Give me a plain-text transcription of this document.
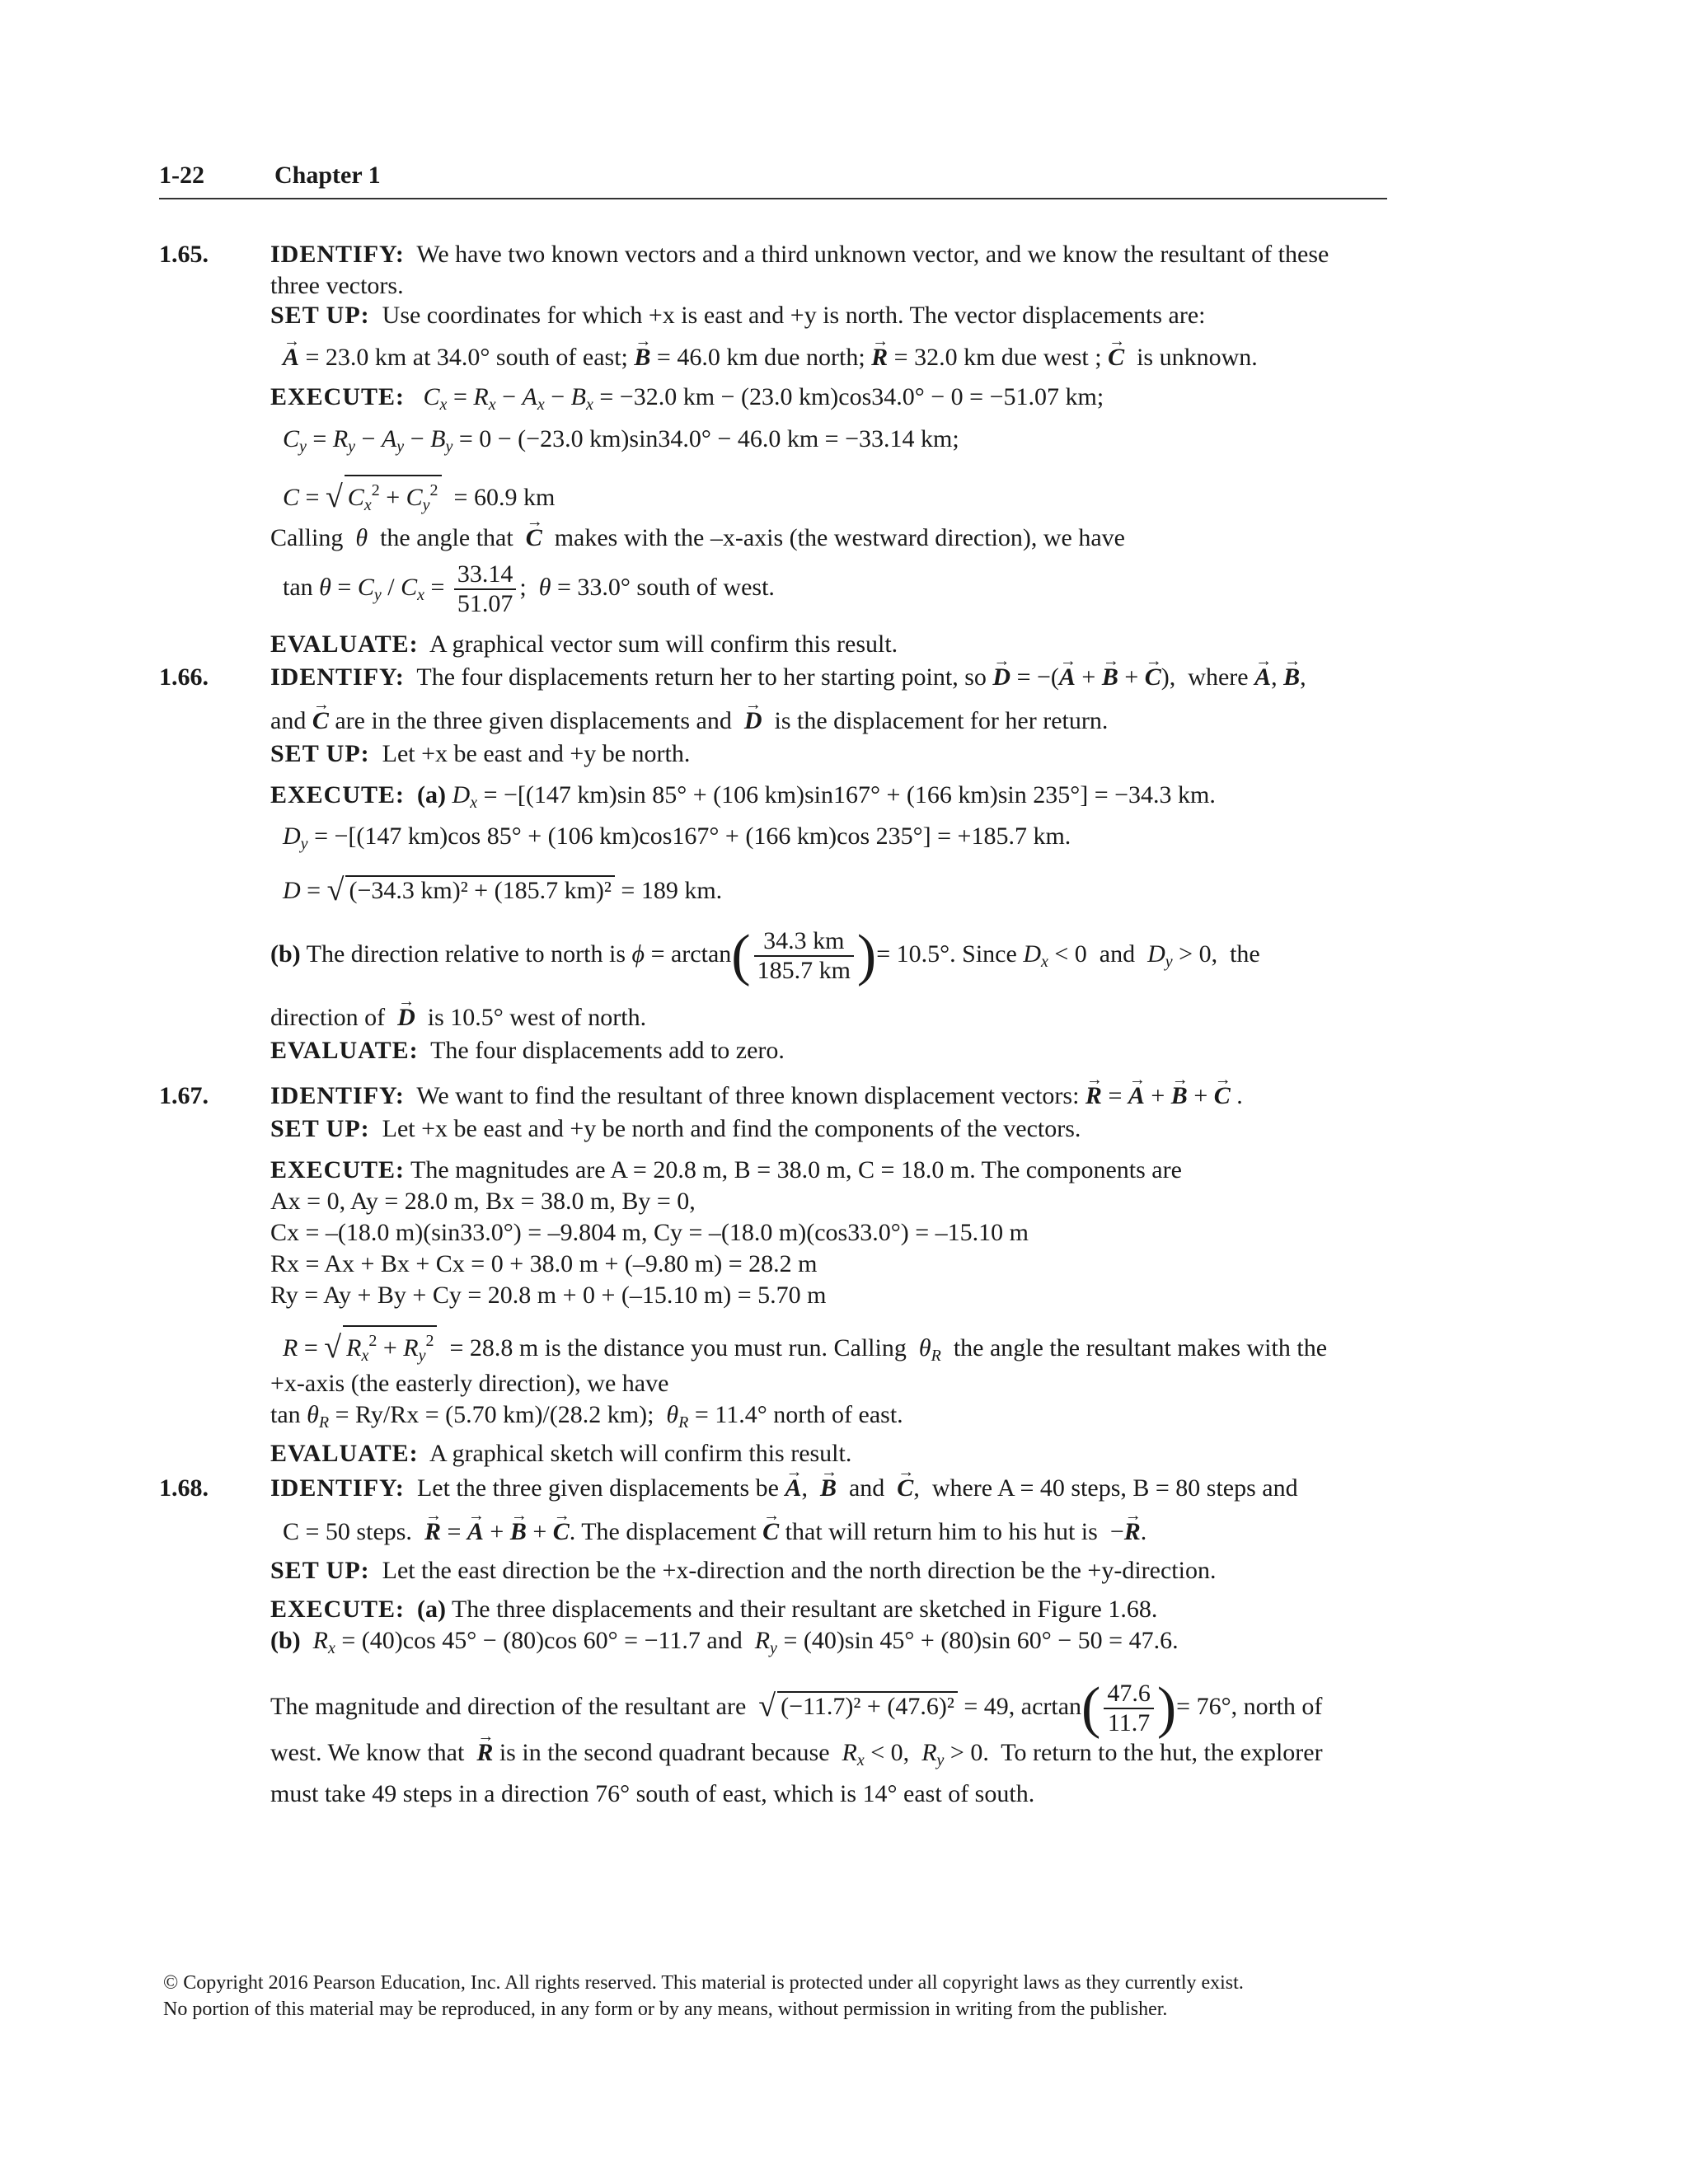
1-22	Chapter 1
1.65.	IDENTIFY: We have two known vectors and a third unknown vector, and we know the resultant of these
three vectors.
SET UP: Use coordinates for which +x is east and +y is north. The vector displacements are:
→ A = 23.0 km at 34.0° south of east; → B = 46.0 km due north; → R = 32.0 km due west ; → C is unknown.
EXECUTE: $C_x = R_x - A_x - B_x = -32.0$ km − (23.0 km)cos34.0° − 0 = −51.07 km;
$C_y = R_y - A_y - B_y = 0 - (-23.0$ km)sin34.0° − 46.0 km = −33.14 km;
C = √ $C_x^2 + C_y^2 = 60.9$ km
Calling  θ the angle that → C makes with the –x-axis (the westward direction), we have
$\tan \theta = C_y / C_x = \frac{33.14}{51.07}$ ;  θ = 33.0° south of west.
EVALUATE: A graphical vector sum will confirm this result.
1.66.	IDENTIFY: The four displacements return her to her starting point, so → D = −(→ A + → B + → C),  where → A, → B,
and → C are in the three given displacements and → D is the displacement for her return.
SET UP: Let +x be east and +y be north.
EXECUTE: (a) $D_x = -[(147$ km)sin 85° + (106 km)sin167° + (166 km)sin 235°] = −34.3 km.
$D_y = -[(147$ km)cos 85° + (106 km)cos167° + (166 km)cos 235°] = +185.7 km.
D = √ (−34.3 km)² + (185.7 km)² = 189 km.
(b) The direction relative to north is $\phi = \arctan( \frac{34.3 km}{185.7 km}$ )= 10.5°. Since $D_x < 0$  and  $D_y > 0$,  the
direction of  → D is 10.5° west of north.
EVALUATE: The four displacements add to zero.
1.67.	IDENTIFY: We want to find the resultant of three known displacement vectors: → R = → A + → B + → C .
SET UP: Let +x be east and +y be north and find the components of the vectors.
EXECUTE: The magnitudes are A = 20.8 m, B = 38.0 m, C = 18.0 m. The components are
Ax = 0, Ay = 28.0 m, Bx = 38.0 m, By = 0,
Cx = –(18.0 m)(sin33.0°) = –9.804 m, Cy = –(18.0 m)(cos33.0°) = –15.10 m
Rx = Ax + Bx + Cx = 0 + 38.0 m + (–9.80 m) = 28.2 m
Ry = Ay + By + Cy = 20.8 m + 0 + (–15.10 m) = 5.70 m
R = √ $R_x^2 + R_y^2 = 28.8$ m is the distance you must run. Calling $\theta_R$ the angle the resultant makes with the
+x-axis (the easterly direction), we have
$\tan \theta_R = Ry/Rx = (5.70$ km)/(28.2 km); $\theta_R = 11.4^\circ$ north of east.
EVALUATE: A graphical sketch will confirm this result.
1.68.	IDENTIFY: Let the three given displacements be → A,  → B  and  → C,  where A = 40 steps, B = 80 steps and
C = 50 steps. → R = → A + → B + → C. The displacement → C that will return him to his hut is  −→ R.
SET UP: Let the east direction be the +x-direction and the north direction be the +y-direction.
EXECUTE: (a) The three displacements and their resultant are sketched in Figure 1.68.
(b) $R_x = (40)\cos$ 45° − (80)cos 60° = −11.7 and $R_y = (40)\sin$ 45° + (80)sin 60° − 50 = 47.6.
The magnitude and direction of the resultant are √ (−11.7)² + (47.6)² = 49, $acrtan( \frac{47.6}{11.7}$ )= 76°, north of
west. We know that → R is in the second quadrant because $R_x < 0$,  $R_y > 0$.  To return to the hut, the explorer
must take 49 steps in a direction 76° south of east, which is 14° east of south.
© Copyright 2016 Pearson Education, Inc. All rights reserved. This material is protected under all copyright laws as they currently exist.
No portion of this material may be reproduced, in any form or by any means, without permission in writing from the publisher.
